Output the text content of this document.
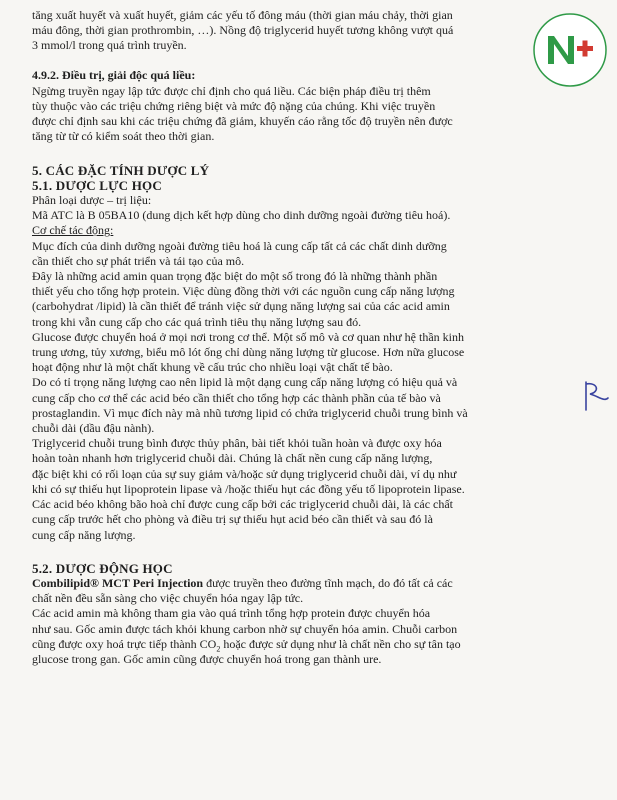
tăng xuất huyết và xuất huyết, giảm các yếu tố đông máu (thời gian máu chảy, thời gian

máu đông, thời gian prothrombin, …). Nồng độ triglycerid huyết tương không vượt quá

3 mmol/l trong quá trình truyền.

4.9.2. Điều trị, giải độc quá liều:

Ngừng truyền ngay lập tức được chỉ định cho quá liều. Các biện pháp điều trị thêm

tùy thuộc vào các triệu chứng riêng biệt và mức độ nặng của chúng. Khi việc truyền

được chỉ định sau khi các triệu chứng đã giảm, khuyến cáo rằng tốc độ truyền nên được

tăng từ từ có kiểm soát theo thời gian.

5. CÁC ĐẶC TÍNH DƯỢC LÝ

5.1. DƯỢC LỰC HỌC

Phân loại dược – trị liệu:

Mã ATC là B 05BA10 (dung dịch kết hợp dùng cho dinh dưỡng ngoài đường tiêu hoá).

Cơ chế tác động:

Mục đích của dinh dưỡng ngoài đường tiêu hoá là cung cấp tất cả các chất dinh dưỡng

cần thiết cho sự phát triển và tái tạo của mô.

Đây là những acid amin quan trọng đặc biệt do một số trong đó là những thành phần

thiết yếu cho tổng hợp protein. Việc dùng đồng thời với các nguồn cung cấp năng lượng

(carbohydrat /lipid) là cần thiết để tránh việc sử dụng năng lượng sai của các acid amin

trong khi vẫn cung cấp cho các quá trình tiêu thụ năng lượng sau đó.

Glucose được chuyển hoá ở mọi nơi trong cơ thể. Một số mô và cơ quan như hệ thần kinh

trung ương, tủy xương, biểu mô lót ống chỉ dùng năng lượng từ glucose. Hơn nữa glucose

hoạt động như là một chất khung về cấu trúc cho nhiều loại vật chất tế bào.

Do có tỉ trọng năng lượng cao nên lipid là một dạng cung cấp năng lượng có hiệu quả và

cung cấp cho cơ thể các acid béo cần thiết cho tổng hợp các thành phần của tế bào và

prostaglandin. Vì mục đích này mà nhũ tương lipid có chứa triglycerid chuỗi trung bình và

chuỗi dài (dầu đậu nành).

Triglycerid chuỗi trung bình được thủy phân, bài tiết khỏi tuần hoàn và được oxy hóa

hoàn toàn nhanh hơn triglycerid chuỗi dài. Chúng là chất nền cung cấp năng lượng,

đặc biệt khi có rối loạn của sự suy giảm và/hoặc sử dụng triglycerid chuỗi dài, ví dụ như

khi có sự thiếu hụt lipoprotein lipase và /hoặc thiếu hụt các đồng yếu tố lipoprotein lipase.

Các acid béo không bão hoà chỉ được cung cấp bởi các triglycerid chuỗi dài, là các chất

cung cấp trước hết cho phòng và điều trị sự thiếu hụt acid béo cần thiết và sau đó là

cung cấp năng lượng.

5.2. DƯỢC ĐỘNG HỌC

Combilipid® MCT Peri Injection được truyền theo đường tĩnh mạch, do đó tất cả các

chất nền đều sẵn sàng cho việc chuyển hóa ngay lập tức.

Các acid amin mà không tham gia vào quá trình tổng hợp protein được chuyển hóa

như sau. Gốc amin được tách khỏi khung carbon nhờ sự chuyển hóa amin. Chuỗi carbon

cũng được oxy hoá trực tiếp thành $CO_2$ hoặc được sử dụng như là chất nền cho sự tân tạo

glucose trong gan. Gốc amin cũng được chuyển hoá trong gan thành ure.
